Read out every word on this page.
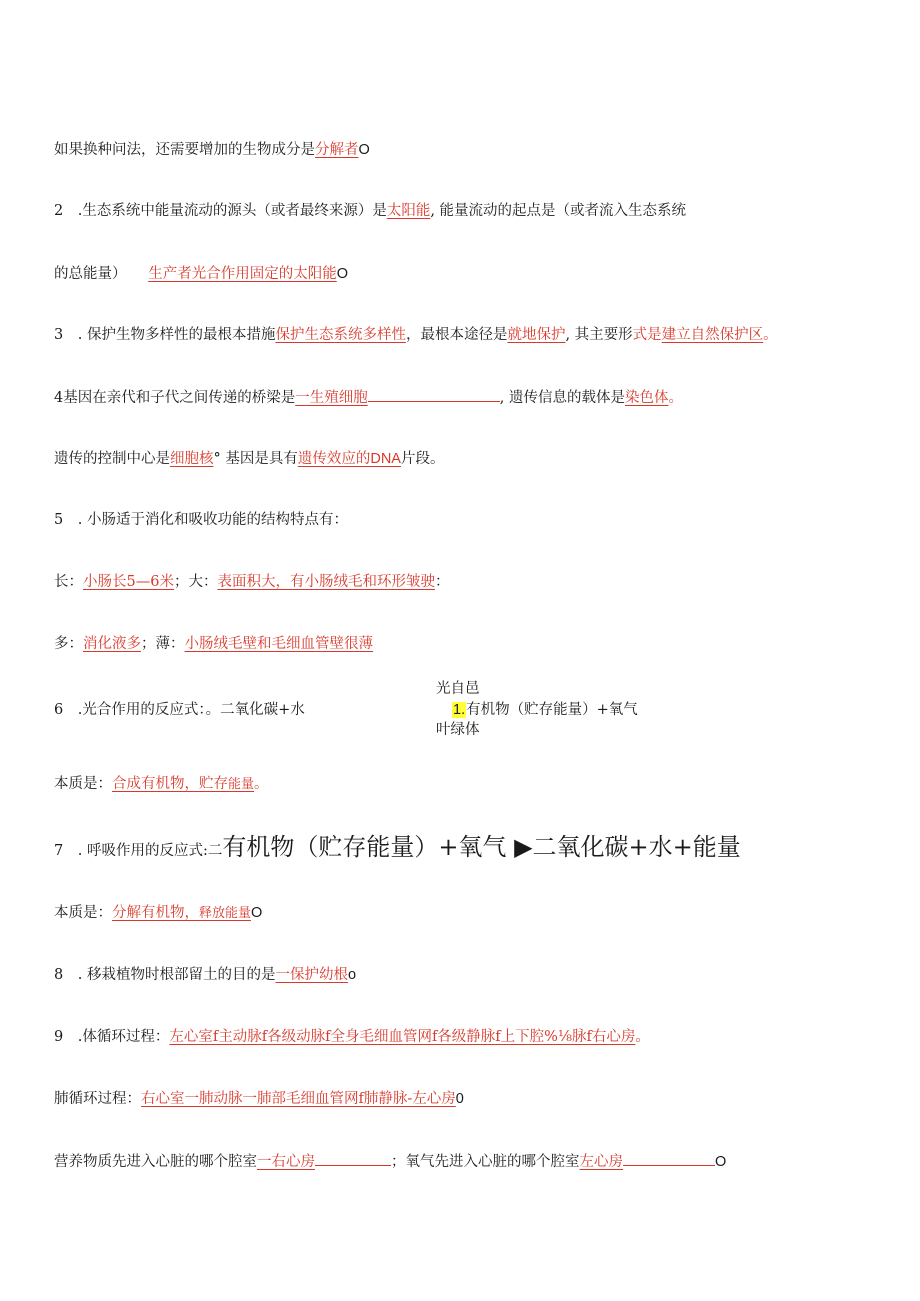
如果换种问法，还需要增加的生物成分是分解者O
2　.生态系统中能量流动的源头（或者最终来源）是太阳能, 能量流动的起点是（或者流入生态系统
的总能量）　　生产者光合作用固定的太阳能O
3　. 保护生物多样性的最根本措施保护生态系统多样性，最根本途径是就地保护, 其主要形式是建立自然保护区。
4基因在亲代和子代之间传递的桥梁是一生殖细胞	, 遗传信息的载体是染色体。
遗传的控制中心是细胞核° 基因是具有遗传效应的DNA片段。
5　. 小肠适于消化和吸收功能的结构特点有：
长：小肠长5—6米；大：表面积大，有小肠绒毛和环形皱驶：
多：消化液多；薄：小肠绒毛壁和毛细血管壁很薄
6　.光合作用的反应式：。二氧化碳+水
光自邑
1.有机物（贮存能量）+氧气
叶绿体
本质是：合成有机物，贮存能量。
7　. 呼吸作用的反应式:二有机物（贮存能量）+氧气 ▶二氧化碳+水+能量
本质是：分解有机物，释放能量O
8　. 移栽植物时根部留土的目的是一保护幼根o
9　.体循环过程：左心室f主动脉f各级动脉f全身毛细血管网f各级静脉f上下腔%⅛脉f右心房。
肺循环过程：右心室一肺动脉一肺部毛细血管网f肺静脉-左心房0
营养物质先进入心脏的哪个腔室一右心房	；氧气先进入心脏的哪个腔室左心房	O
